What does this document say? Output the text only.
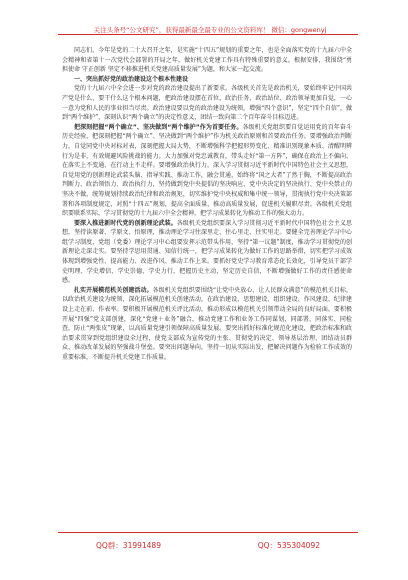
关注头条号“公文研究”，获得最新最全最专业的公文资料库！ 微信：gongwenyj

同志们，今年是党的二十大召开之年，是实施“十四五”规划的重要之年，也是全面落实党的十九届六中全会精神和省第十一次党代会部署的开局之年，做好机关党建工作具有特殊重要的意义。根据安排，我围绕“勇担使命 守正创新 坚定不移推进机关党建高质量发展”为题，和大家一起交流。

一、突出抓好党的政治建设这个根本性建设

党的十九届六中全会进一步对党的政治建设提出了新要求。各级机关首先是政治机关，要始终牢记中国共产党是什么、要干什么这个根本问题，把政治建设摆在首位，政治任务、政治站位、政治领导更加自觉，一心一意为党和人民的事业担当尽责。政治建设要以党的政治建设为统领，增强“四个意识”，坚定“四个自信”，做到“两个维护”，深刻认识“两个确立”的决定性意义，团结一致向第二个百年奋斗目标迈进。

把深刻把握“两个确立”、坚决做到“两个维护”作为首要任务。各级机关党组织要自觉运用党的百年奋斗历史经验，把深刻把握“两个确立”、坚决做到“两个维护”作为机关政治原则和首要政治任务。要增强政治判断力，自觉同党中央对标对表，深刻把握大局大势，不断增强科学把握形势变化、精准识别现象本质、清醒明辨行为是非，有效规避风险挑战的能力。大力加强对党忠诚教育，带头走好“第一方阵”，确保在政治上不偏向、在落实上不变通、在行动上不走样。要增强政治执行力，深入学习贯彻习近平新时代中国特色社会主义思想，自觉用党的创新理论武装头脑、指导实践、推动工作，融会贯通，始终将“国之大者”了然于胸，不断提高政治判断力、政治领悟力、政治执行力，坚持做到党中央提倡的坚决响应、党中央决定的坚决执行、党中央禁止的坚决不做，统筹规划持续政治纪律和政治规矩，切实维护党中央权威和集中统一领导，贯彻执行党中央决策部署和各项制度规定，对照“十四五”规划，提高全面质量，推动高质量发展，促进机关履职尽责。各级机关党组织要联系实际，学习贯彻党的十九届六中全会精神，把学习成果转化为推动工作的强大动力。

要深入推进新时代党的创新理论武装。各级机关党组织要深入学习贯彻习近平新时代中国特色社会主义思想，坚持读原著、学原文、悟原理，推动理论学习往深里走、往心里走、往实里走。要健全完善理论学习中心组学习制度，党组（党委）理论学习中心组要发挥示范带头作用，坚持“第一议题”制度，推动学习贯彻党的创新理论走深走实。要坚持学思用贯通、知信行统一，把学习成果转化为做好工作的思路举措，切实把学习成效体现到增强党性、提高能力、改进作风、推动工作上来。要抓好党史学习教育常态化长效化，引导党员干部学史明理、学史增信、学史崇德、学史力行，把握历史主动，坚定历史自信，不断增强做好工作的责任感使命感。

扎实开展模范机关创建活动。各级机关党组织要围绕“让党中央放心、让人民群众满意”的模范机关目标，以政治机关建设为统领，深化拓展模范机关创建活动，在政治建设、思想建设、组织建设、作风建设、纪律建设上走在前、作表率。要积极开展模范机关评比活动，推动形成以模范机关引领带动全局的良好局面。要积极开展“四强”党支部创建，深化“党建＋业务”融合，推动党建工作和业务工作同谋划、同部署、同落实、同检查，防止“两张皮”现象，以高质量党建引领保障高质量发展。要突出抓好标准化规范化建设，把政治标准和政治要求贯穿到党组织建设全过程，使党支部成为宣传党的主张、贯彻党的决定、领导基层治理、团结动员群众、推动改革发展的坚强战斗堡垒。要突出问题导向，坚持一切从实际出发，把解决问题作为检验工作成效的重要标准，不断提升机关党建工作质量。

QQ群：31991489	QQ：535304092
